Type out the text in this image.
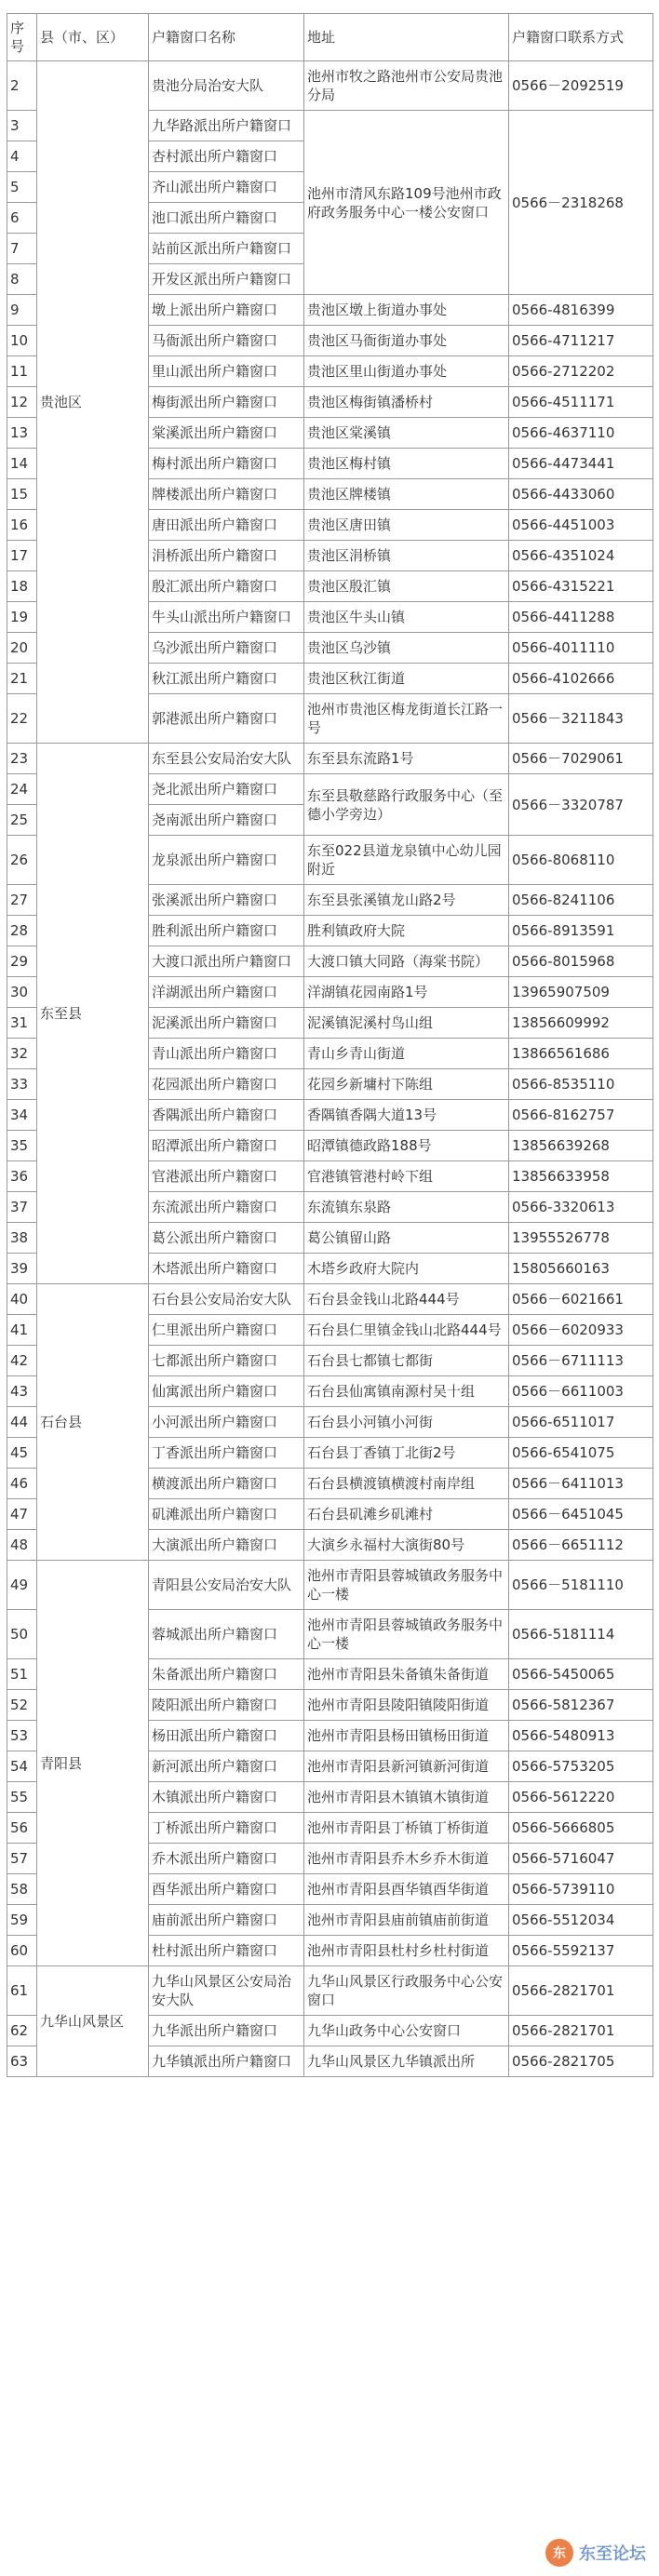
序号	县（市、区）	户籍窗口名称	地址	户籍窗口联系方式
2	贵池区	贵池分局治安大队	池州市牧之路池州市公安局贵池分局	0566－2092519
3		九华路派出所户籍窗口	池州市清风东路109号池州市政府政务服务中心一楼公安窗口	0566－2318268
4		杏村派出所户籍窗口		
5		齐山派出所户籍窗口		
6		池口派出所户籍窗口		
7		站前区派出所户籍窗口		
8		开发区派出所户籍窗口		
9		墩上派出所户籍窗口	贵池区墩上街道办事处	0566-4816399
10		马衙派出所户籍窗口	贵池区马衙街道办事处	0566-4711217
11		里山派出所户籍窗口	贵池区里山街道办事处	0566-2712202
12		梅街派出所户籍窗口	贵池区梅街镇潘桥村	0566-4511171
13		棠溪派出所户籍窗口	贵池区棠溪镇	0566-4637110
14		梅村派出所户籍窗口	贵池区梅村镇	0566-4473441
15		牌楼派出所户籍窗口	贵池区牌楼镇	0566-4433060
16		唐田派出所户籍窗口	贵池区唐田镇	0566-4451003
17		涓桥派出所户籍窗口	贵池区涓桥镇	0566-4351024
18		殷汇派出所户籍窗口	贵池区殷汇镇	0566-4315221
19		牛头山派出所户籍窗口	贵池区牛头山镇	0566-4411288
20		乌沙派出所户籍窗口	贵池区乌沙镇	0566-4011110
21		秋江派出所户籍窗口	贵池区秋江街道	0566-4102666
22		郭港派出所户籍窗口	池州市贵池区梅龙街道长江路一号	0566－3211843
23	东至县	东至县公安局治安大队	东至县东流路1号	0566－7029061
24		尧北派出所户籍窗口	东至县敬慈路行政服务中心（至德小学旁边）	0566－3320787
25		尧南派出所户籍窗口		
26		龙泉派出所户籍窗口	东至022县道龙泉镇中心幼儿园附近	0566-8068110
27		张溪派出所户籍窗口	东至县张溪镇龙山路2号	0566-8241106
28		胜利派出所户籍窗口	胜利镇政府大院	0566-8913591
29		大渡口派出所户籍窗口	大渡口镇大同路（海棠书院）	0566-8015968
30		洋湖派出所户籍窗口	洋湖镇花园南路1号	13965907509
31		泥溪派出所户籍窗口	泥溪镇泥溪村鸟山组	13856609992
32		青山派出所户籍窗口	青山乡青山街道	13866561686
33		花园派出所户籍窗口	花园乡新墉村下陈组	0566-8535110
34		香隅派出所户籍窗口	香隅镇香隅大道13号	0566-8162757
35		昭潭派出所户籍窗口	昭潭镇德政路188号	13856639268
36		官港派出所户籍窗口	官港镇管港村岭下组	13856633958
37		东流派出所户籍窗口	东流镇东泉路	0566-3320613
38		葛公派出所户籍窗口	葛公镇留山路	13955526778
39		木塔派出所户籍窗口	木塔乡政府大院内	15805660163
40	石台县	石台县公安局治安大队	石台县金钱山北路444号	0566－6021661
41		仁里派出所户籍窗口	石台县仁里镇金钱山北路444号	0566－6020933
42		七都派出所户籍窗口	石台县七都镇七都街	0566－6711113
43		仙寓派出所户籍窗口	石台县仙寓镇南源村吴十组	0566－6611003
44		小河派出所户籍窗口	石台县小河镇小河街	0566-6511017
45		丁香派出所户籍窗口	石台县丁香镇丁北街2号	0566-6541075
46		横渡派出所户籍窗口	石台县横渡镇横渡村南岸组	0566－6411013
47		矶滩派出所户籍窗口	石台县矶滩乡矶滩村	0566－6451045
48		大演派出所户籍窗口	大演乡永福村大演街80号	0566－6651112
49	青阳县	青阳县公安局治安大队	池州市青阳县蓉城镇政务服务中心一楼	0566－5181110
50		蓉城派出所户籍窗口	池州市青阳县蓉城镇政务服务中心一楼	0566-5181114
51		朱备派出所户籍窗口	池州市青阳县朱备镇朱备街道	0566-5450065
52		陵阳派出所户籍窗口	池州市青阳县陵阳镇陵阳街道	0566-5812367
53		杨田派出所户籍窗口	池州市青阳县杨田镇杨田街道	0566-5480913
54		新河派出所户籍窗口	池州市青阳县新河镇新河街道	0566-5753205
55		木镇派出所户籍窗口	池州市青阳县木镇镇木镇街道	0566-5612220
56		丁桥派出所户籍窗口	池州市青阳县丁桥镇丁桥街道	0566-5666805
57		乔木派出所户籍窗口	池州市青阳县乔木乡乔木街道	0566-5716047
58		酉华派出所户籍窗口	池州市青阳县酉华镇酉华街道	0566-5739110
59		庙前派出所户籍窗口	池州市青阳县庙前镇庙前街道	0566-5512034
60		杜村派出所户籍窗口	池州市青阳县杜村乡杜村街道	0566-5592137
61	九华山风景区	九华山风景区公安局治安大队	九华山风景区行政服务中心公安窗口	0566-2821701
62		九华派出所户籍窗口	九华山政务中心公安窗口	0566-2821701
63		九华镇派出所户籍窗口	九华山风景区九华镇派出所	0566-2821705
东 东至论坛
